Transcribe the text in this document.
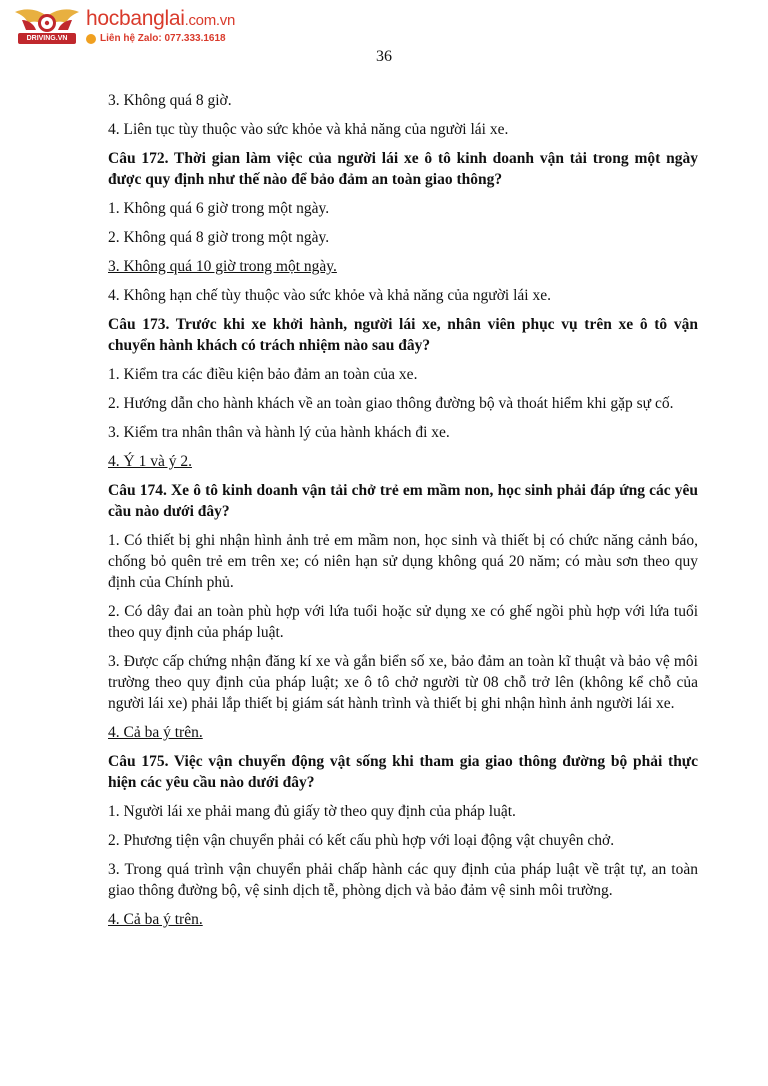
DRIVING.VN
hocbanglai.com.vn
Liên hệ Zalo: 077.333.1618
36

3. Không quá 8 giờ.

4. Liên tục tùy thuộc vào sức khỏe và khả năng của người lái xe.

Câu 172. Thời gian làm việc của người lái xe ô tô kinh doanh vận tải trong một ngày được quy định như thế nào để bảo đảm an toàn giao thông?

1. Không quá 6 giờ trong một ngày.

2. Không quá 8 giờ trong một ngày.

3. Không quá 10 giờ trong một ngày.

4. Không hạn chế tùy thuộc vào sức khỏe và khả năng của người lái xe.

Câu 173. Trước khi xe khởi hành, người lái xe, nhân viên phục vụ trên xe ô tô vận chuyển hành khách có trách nhiệm nào sau đây?

1. Kiểm tra các điều kiện bảo đảm an toàn của xe.

2. Hướng dẫn cho hành khách về an toàn giao thông đường bộ và thoát hiểm khi gặp sự cố.

3. Kiểm tra nhân thân và hành lý của hành khách đi xe.

4. Ý 1 và ý 2.

Câu 174. Xe ô tô kinh doanh vận tải chở trẻ em mầm non, học sinh phải đáp ứng các yêu cầu nào dưới đây?

1. Có thiết bị ghi nhận hình ảnh trẻ em mầm non, học sinh và thiết bị có chức năng cảnh báo, chống bỏ quên trẻ em trên xe; có niên hạn sử dụng không quá 20 năm; có màu sơn theo quy định của Chính phủ.

2. Có dây đai an toàn phù hợp với lứa tuổi hoặc sử dụng xe có ghế ngồi phù hợp với lứa tuổi theo quy định của pháp luật.

3. Được cấp chứng nhận đăng kí xe và gắn biển số xe, bảo đảm an toàn kĩ thuật và bảo vệ môi trường theo quy định của pháp luật; xe ô tô chở người từ 08 chỗ trở lên (không kể chỗ của người lái xe) phải lắp thiết bị giám sát hành trình và thiết bị ghi nhận hình ảnh người lái xe.

4. Cả ba ý trên.

Câu 175. Việc vận chuyển động vật sống khi tham gia giao thông đường bộ phải thực hiện các yêu cầu nào dưới đây?

1. Người lái xe phải mang đủ giấy tờ theo quy định của pháp luật.

2. Phương tiện vận chuyển phải có kết cấu phù hợp với loại động vật chuyên chở.

3. Trong quá trình vận chuyển phải chấp hành các quy định của pháp luật về trật tự, an toàn giao thông đường bộ, vệ sinh dịch tễ, phòng dịch và bảo đảm vệ sinh môi trường.

4. Cả ba ý trên.
